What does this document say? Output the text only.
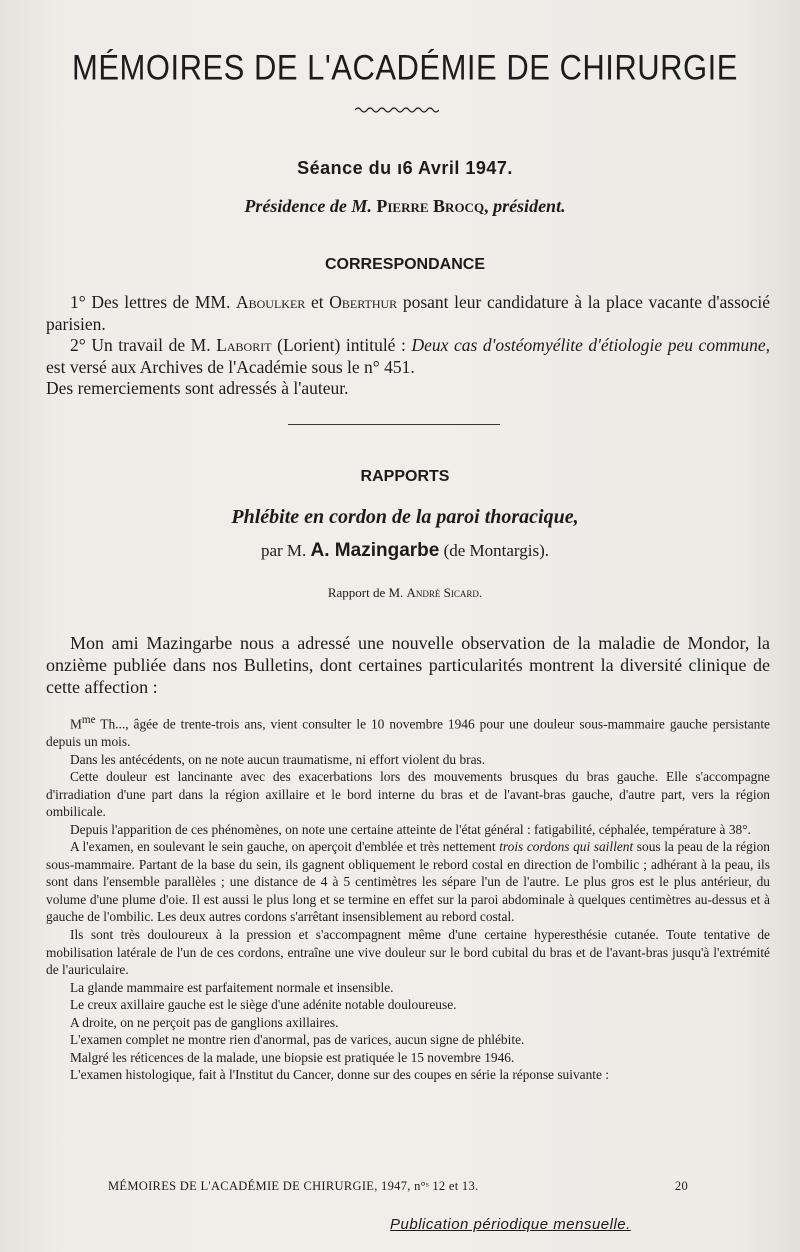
MÉMOIRES DE L'ACADÉMIE DE CHIRURGIE
Séance du ı6 Avril 1947.
Présidence de M. Pierre Brocq, président.
CORRESPONDANCE

1° Des lettres de MM. Aboulker et Oberthur posant leur candidature à la place vacante d'associé parisien.

2° Un travail de M. Laborit (Lorient) intitulé : Deux cas d'ostéomyélite d'étiologie peu commune, est versé aux Archives de l'Académie sous le n° 451.

Des remerciements sont adressés à l'auteur.

RAPPORTS
Phlébite en cordon de la paroi thoracique,
par M. A. Mazingarbe (de Montargis).
Rapport de M. André Sicard.

Mon ami Mazingarbe nous a adressé une nouvelle observation de la maladie de Mondor, la onzième publiée dans nos Bulletins, dont certaines particularités montrent la diversité clinique de cette affection :

$M^{me}$ Th..., âgée de trente-trois ans, vient consulter le 10 novembre 1946 pour une douleur sous-mammaire gauche persistante depuis un mois.

Dans les antécédents, on ne note aucun traumatisme, ni effort violent du bras.

Cette douleur est lancinante avec des exacerbations lors des mouvements brusques du bras gauche. Elle s'accompagne d'irradiation d'une part dans la région axillaire et le bord interne du bras et de l'avant-bras gauche, d'autre part, vers la région ombilicale.

Depuis l'apparition de ces phénomènes, on note une certaine atteinte de l'état général : fatigabilité, céphalée, température à 38°.

A l'examen, en soulevant le sein gauche, on aperçoit d'emblée et très nettement trois cordons qui saillent sous la peau de la région sous-mammaire. Partant de la base du sein, ils gagnent obliquement le rebord costal en direction de l'ombilic ; adhérant à la peau, ils sont dans l'ensemble parallèles ; une distance de 4 à 5 centimètres les sépare l'un de l'autre. Le plus gros est le plus antérieur, du volume d'une plume d'oie. Il est aussi le plus long et se termine en effet sur la paroi abdominale à quelques centimètres au-dessus et à gauche de l'ombilic. Les deux autres cordons s'arrêtant insensiblement au rebord costal.

Ils sont très douloureux à la pression et s'accompagnent même d'une certaine hyperesthésie cutanée. Toute tentative de mobilisation latérale de l'un de ces cordons, entraîne une vive douleur sur le bord cubital du bras et de l'avant-bras jusqu'à l'extrémité de l'auriculaire.

La glande mammaire est parfaitement normale et insensible.

Le creux axillaire gauche est le siège d'une adénite notable douloureuse.

A droite, on ne perçoit pas de ganglions axillaires.

L'examen complet ne montre rien d'anormal, pas de varices, aucun signe de phlébite.

Malgré les réticences de la malade, une biopsie est pratiquée le 15 novembre 1946.

L'examen histologique, fait à l'Institut du Cancer, donne sur des coupes en série la réponse suivante :

MÉMOIRES DE L'ACADÉMIE DE CHIRURGIE, 1947, n°ˢ 12 et 13.	20
Publication périodique mensuelle.
